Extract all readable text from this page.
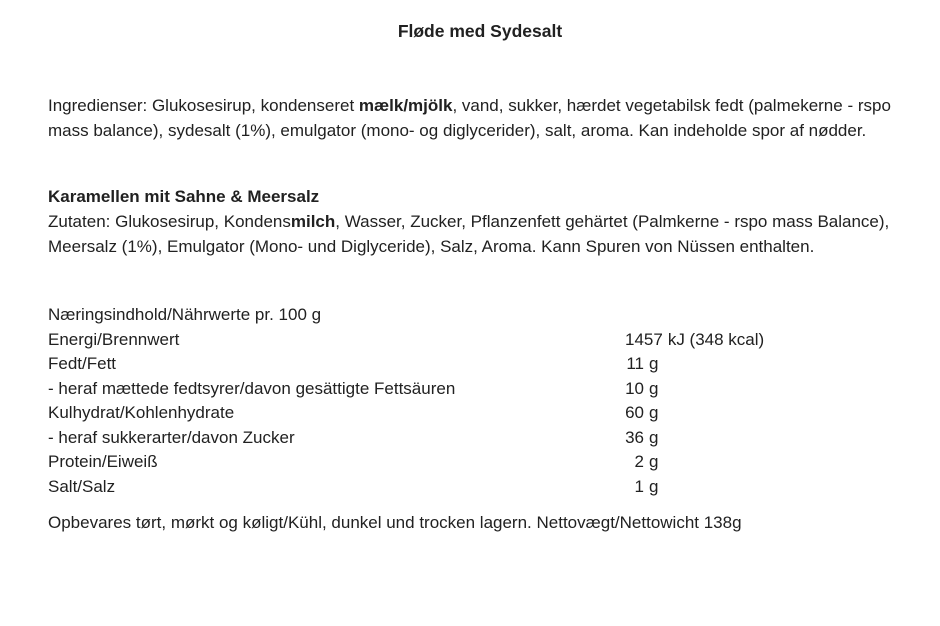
Fløde med Sydesalt

Ingredienser: Glukosesirup, kondenseret mælk/mjölk, vand, sukker, hærdet vegetabilsk fedt (palmekerne - rspo mass balance), sydesalt (1%), emulgator (mono- og diglycerider), salt, aroma. Kan indeholde spor af nødder.

Karamellen mit Sahne & Meersalz

Zutaten: Glukosesirup, Kondensmilch, Wasser, Zucker, Pflanzenfett gehärtet (Palmkerne - rspo mass Balance), Meersalz (1%), Emulgator (Mono- und Diglyceride), Salz, Aroma. Kann Spuren von Nüssen enthalten.

Næringsindhold/Nährwerte pr. 100 g
Energi/Brennwert	1457 kJ (348 kcal)
Fedt/Fett	11 g
- heraf mættede fedtsyrer/davon gesättigte Fettsäuren	10 g
Kulhydrat/Kohlenhydrate	60 g
- heraf sukkerarter/davon Zucker	36 g
Protein/Eiweiß	2 g
Salt/Salz	1 g

Opbevares tørt, mørkt og køligt/Kühl, dunkel und trocken lagern. Nettovægt/Nettowicht 138g
